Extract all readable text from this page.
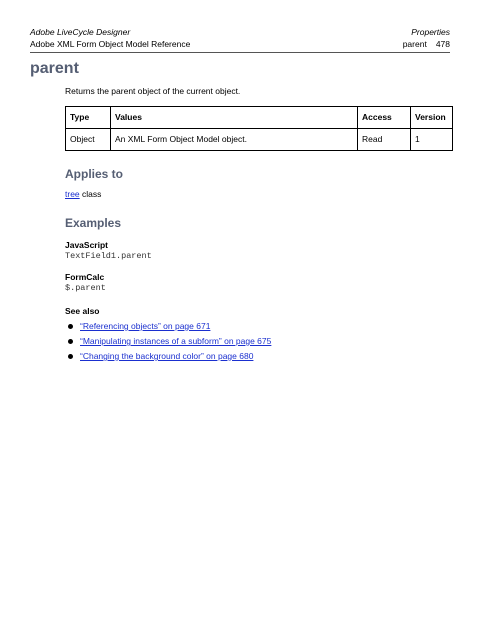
Adobe LiveCycle Designer
Adobe XML Form Object Model Reference
Properties
parent 478
parent

Returns the parent object of the current object.

Type	Values	Access	Version
Object	An XML Form Object Model object.	Read	1
Applies to
tree class
Examples
JavaScript
TextField1.parent
FormCalc
$.parent
See also
“Referencing objects” on page 671
“Manipulating instances of a subform” on page 675
“Changing the background color” on page 680
